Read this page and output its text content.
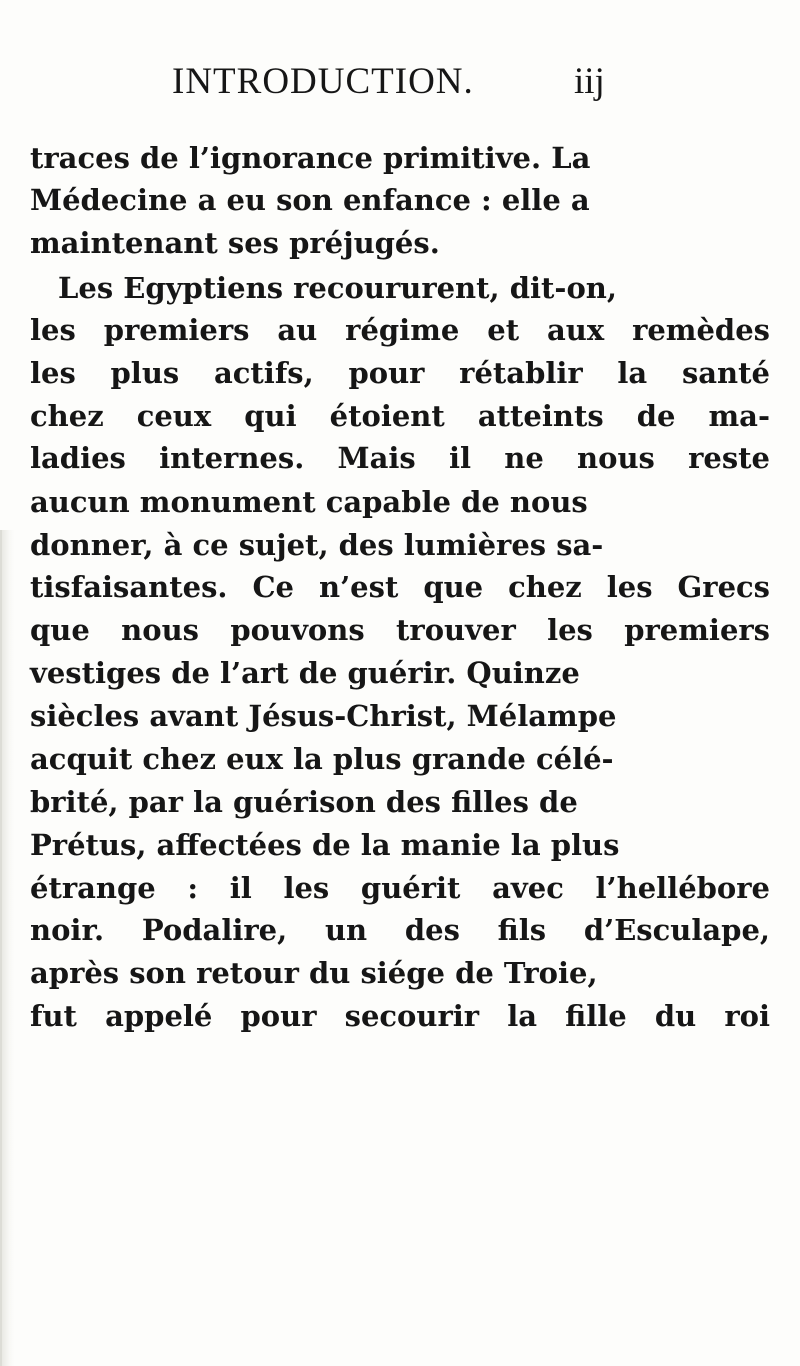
INTRODUCTION.	iij
traces de l’ignorance primitive. La
Médecine a eu son enfance : elle a
maintenant ses préjugés.
Les Egyptiens recoururent, dit-on,
les premiers au régime et aux remèdes
les plus actifs, pour rétablir la santé
chez ceux qui étoient atteints de ma-
ladies internes. Mais il ne nous reste
aucun monument capable de nous
donner, à ce sujet, des lumières sa-
tisfaisantes. Ce n’est que chez les Grecs
que nous pouvons trouver les premiers
vestiges de l’art de guérir. Quinze
siècles avant Jésus-Christ, Mélampe
acquit chez eux la plus grande célé-
brité, par la guérison des filles de
Prétus, affectées de la manie la plus
étrange : il les guérit avec l’hellébore
noir. Podalire, un des fils d’Esculape,
après son retour du siége de Troie,
fut appelé pour secourir la fille du roi
